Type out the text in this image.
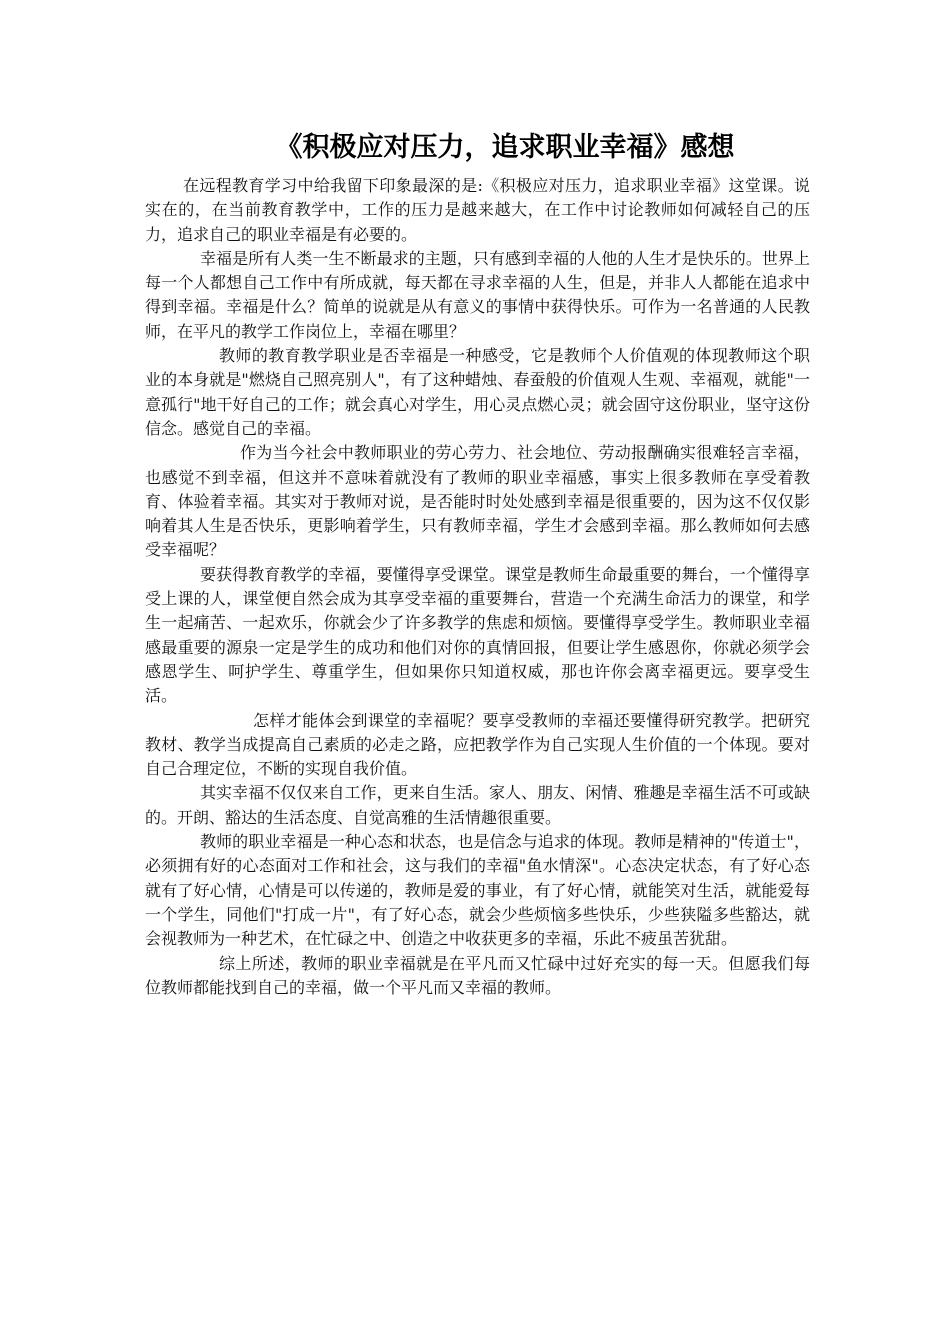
《积极应对压力，追求职业幸福》感想

在远程教育学习中给我留下印象最深的是:《积极应对压力，追求职业幸福》这堂课。说实在的，在当前教育教学中，工作的压力是越来越大，在工作中讨论教师如何减轻自己的压力，追求自己的职业幸福是有必要的。

幸福是所有人类一生不断最求的主题，只有感到幸福的人他的人生才是快乐的。世界上每一个人都想自己工作中有所成就，每天都在寻求幸福的人生，但是，并非人人都能在追求中得到幸福。幸福是什么？简单的说就是从有意义的事情中获得快乐。可作为一名普通的人民教师，在平凡的教学工作岗位上，幸福在哪里？

教师的教育教学职业是否幸福是一种感受，它是教师个人价值观的体现教师这个职业的本身就是"燃烧自己照亮别人"，有了这种蜡烛、春蚕般的价值观人生观、幸福观，就能"一意孤行"地干好自己的工作；就会真心对学生，用心灵点燃心灵；就会固守这份职业，坚守这份信念。感觉自己的幸福。

作为当今社会中教师职业的劳心劳力、社会地位、劳动报酬确实很难轻言幸福，也感觉不到幸福，但这并不意味着就没有了教师的职业幸福感，事实上很多教师在享受着教育、体验着幸福。其实对于教师对说，是否能时时处处感到幸福是很重要的，因为这不仅仅影响着其人生是否快乐，更影响着学生，只有教师幸福，学生才会感到幸福。那么教师如何去感受幸福呢？

要获得教育教学的幸福，要懂得享受课堂。课堂是教师生命最重要的舞台，一个懂得享受上课的人，课堂便自然会成为其享受幸福的重要舞台，营造一个充满生命活力的课堂，和学生一起痛苦、一起欢乐，你就会少了许多教学的焦虑和烦恼。要懂得享受学生。教师职业幸福感最重要的源泉一定是学生的成功和他们对你的真情回报，但要让学生感恩你，你就必须学会感恩学生、呵护学生、尊重学生，但如果你只知道权威，那也许你会离幸福更远。要享受生活。

怎样才能体会到课堂的幸福呢？要享受教师的幸福还要懂得研究教学。把研究教材、教学当成提高自己素质的必走之路，应把教学作为自己实现人生价值的一个体现。要对自己合理定位，不断的实现自我价值。

其实幸福不仅仅来自工作，更来自生活。家人、朋友、闲情、雅趣是幸福生活不可或缺的。开朗、豁达的生活态度、自觉高雅的生活情趣很重要。

教师的职业幸福是一种心态和状态，也是信念与追求的体现。教师是精神的"传道士"，必须拥有好的心态面对工作和社会，这与我们的幸福"鱼水情深"。心态决定状态，有了好心态就有了好心情，心情是可以传递的，教师是爱的事业，有了好心情，就能笑对生活，就能爱每一个学生，同他们"打成一片"，有了好心态，就会少些烦恼多些快乐，少些狭隘多些豁达，就会视教师为一种艺术，在忙碌之中、创造之中收获更多的幸福，乐此不疲虽苦犹甜。

综上所述，教师的职业幸福就是在平凡而又忙碌中过好充实的每一天。但愿我们每位教师都能找到自己的幸福，做一个平凡而又幸福的教师。
